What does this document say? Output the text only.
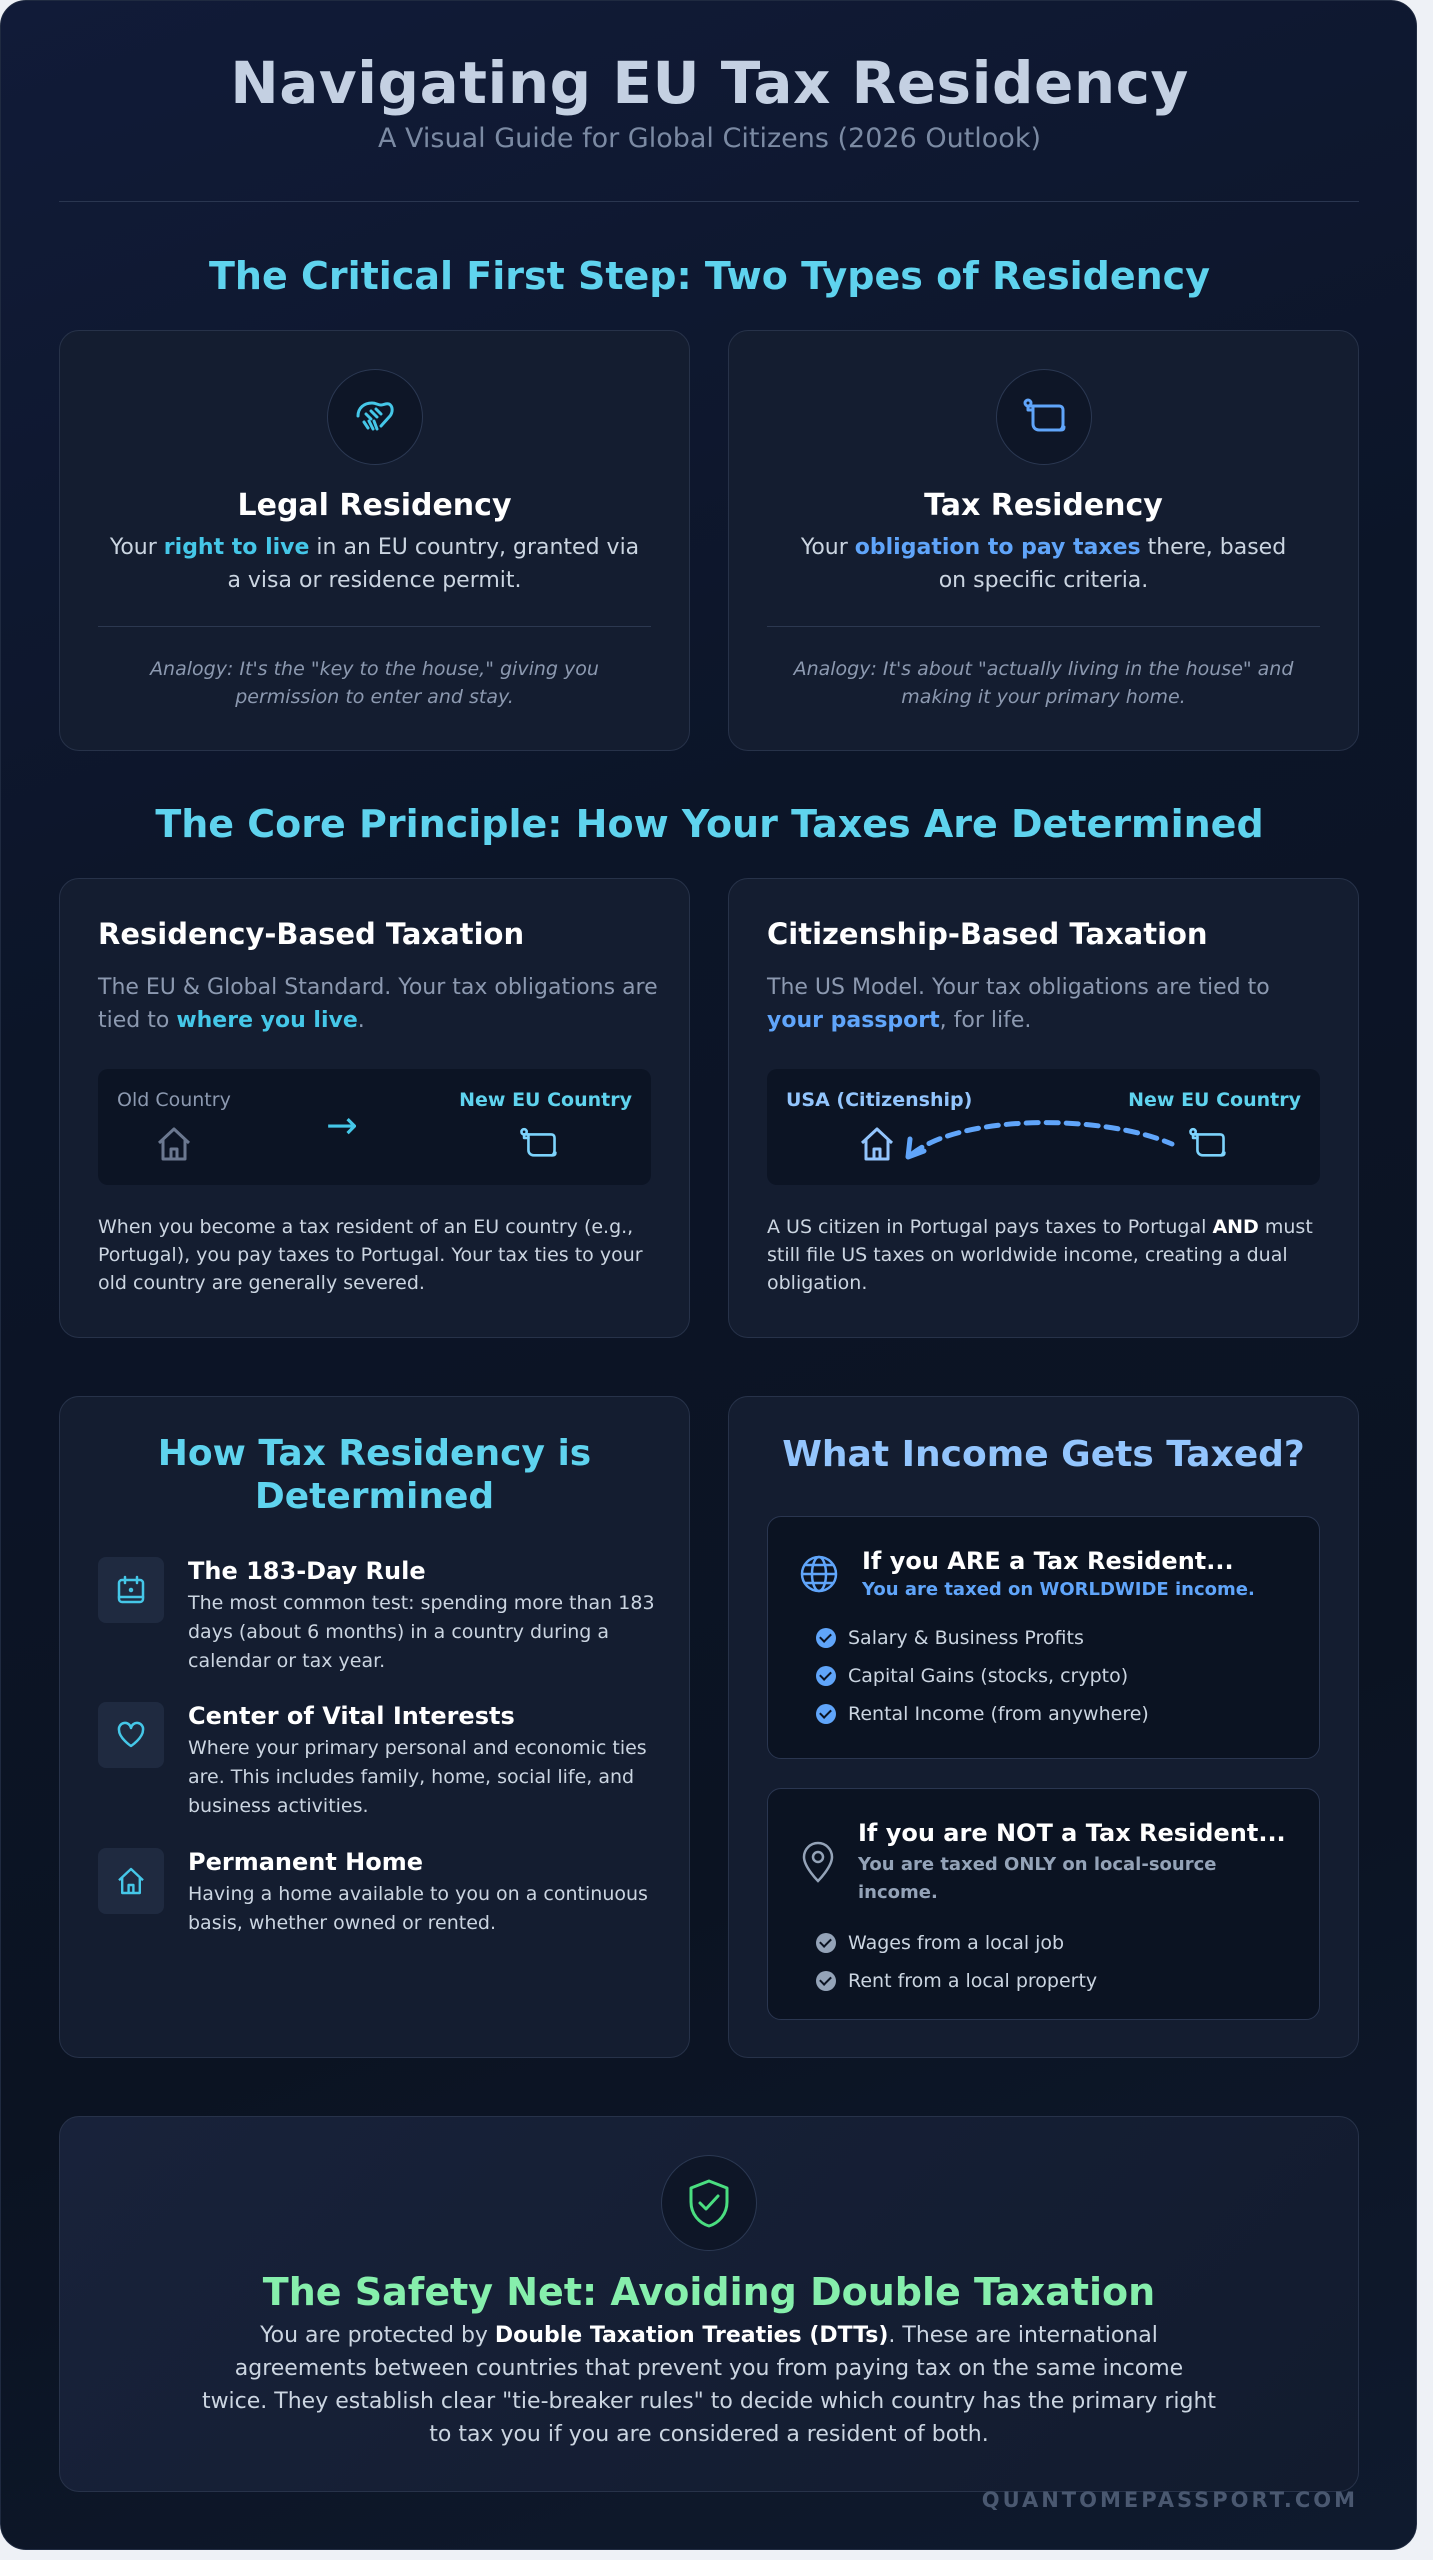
Navigating EU Tax Residency
A Visual Guide for Global Citizens (2026 Outlook)
The Critical First Step: Two Types of Residency
Legal Residency
Your right to live in an EU country, granted via a visa or residence permit.
Analogy: It's the "key to the house," giving you permission to enter and stay.
Tax Residency
Your obligation to pay taxes there, based on specific criteria.
Analogy: It's about "actually living in the house" and making it your primary home.
The Core Principle: How Your Taxes Are Determined
Residency-Based Taxation
The EU & Global Standard. Your tax obligations are tied to where you live.
Old Country
→
New EU Country
When you become a tax resident of an EU country (e.g., Portugal), you pay taxes to Portugal. Your tax ties to your old country are generally severed.
Citizenship-Based Taxation
The US Model. Your tax obligations are tied to your passport, for life.
USA (Citizenship)	New EU Country
A US citizen in Portugal pays taxes to Portugal AND must still file US taxes on worldwide income, creating a dual obligation.
How Tax Residency is Determined
The 183-Day Rule
The most common test: spending more than 183 days (about 6 months) in a country during a calendar or tax year.
Center of Vital Interests
Where your primary personal and economic ties are. This includes family, home, social life, and business activities.
Permanent Home
Having a home available to you on a continuous basis, whether owned or rented.
What Income Gets Taxed?
If you ARE a Tax Resident...
You are taxed on WORLDWIDE income.
Salary & Business Profits
Capital Gains (stocks, crypto)
Rental Income (from anywhere)
If you are NOT a Tax Resident...
You are taxed ONLY on local-source income.
Wages from a local job
Rent from a local property
The Safety Net: Avoiding Double Taxation
You are protected by Double Taxation Treaties (DTTs). These are international agreements between countries that prevent you from paying tax on the same income twice. They establish clear "tie-breaker rules" to decide which country has the primary right to tax you if you are considered a resident of both.
QUANTOMEPASSPORT.COM
